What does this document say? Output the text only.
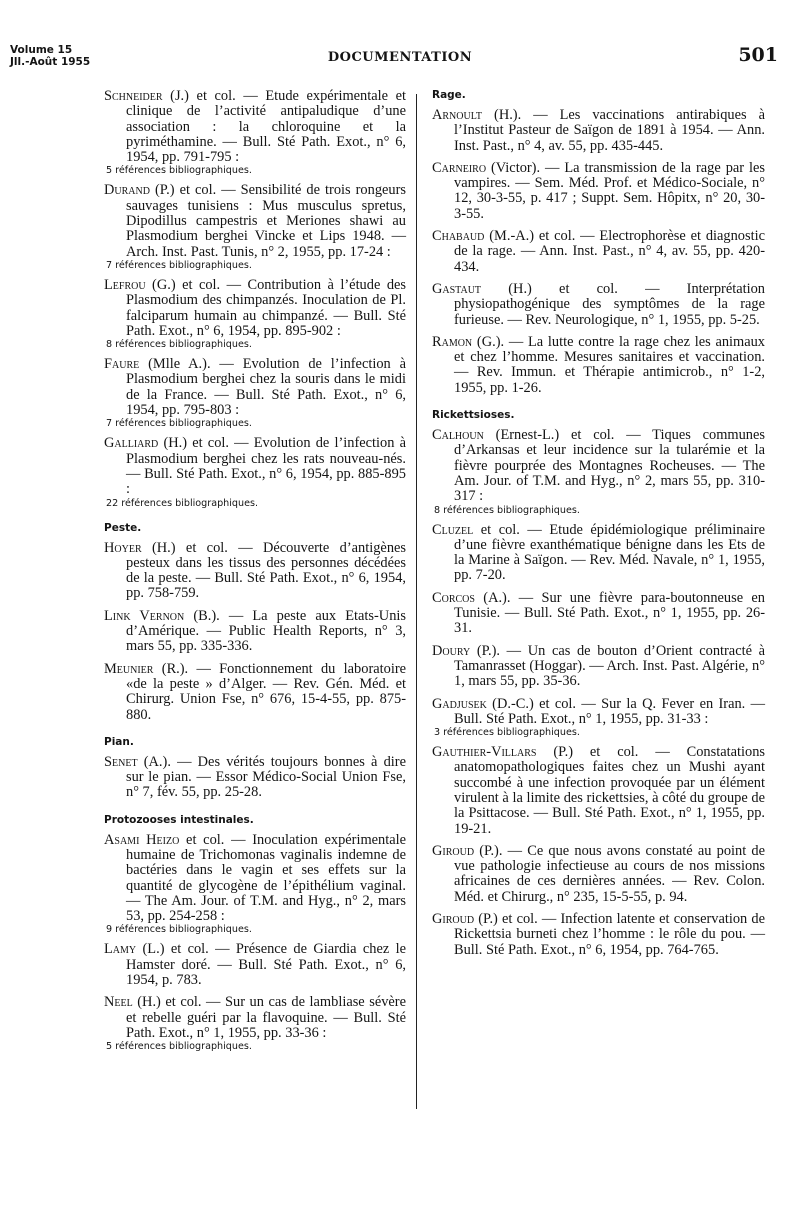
Volume 15
Jll.-Août 1955	DOCUMENTATION	501

Schneider (J.) et col. — Etude expérimentale et clinique de l’activité antipaludique d’une association : la chloroquine et la pyriméthamine. — Bull. Sté Path. Exot., n° 6, 1954, pp. 791-795 :

5 références bibliographiques.

Durand (P.) et col. — Sensibilité de trois rongeurs sauvages tunisiens : Mus musculus spretus, Dipodillus campestris et Meriones shawi au Plasmodium berghei Vincke et Lips 1948. — Arch. Inst. Past. Tunis, n° 2, 1955, pp. 17-24 :

7 références bibliographiques.

Lefrou (G.) et col. — Contribution à l’étude des Plasmodium des chimpanzés. Inoculation de Pl. falciparum humain au chimpanzé. — Bull. Sté Path. Exot., n° 6, 1954, pp. 895-902 :

8 références bibliographiques.

Faure (Mlle A.). — Evolution de l’infection à Plasmodium berghei chez la souris dans le midi de la France. — Bull. Sté Path. Exot., n° 6, 1954, pp. 795-803 :

7 références bibliographiques.

Galliard (H.) et col. — Evolution de l’infection à Plasmodium berghei chez les rats nouveau-nés. — Bull. Sté Path. Exot., n° 6, 1954, pp. 885-895 :

22 références bibliographiques.
Peste.

Hoyer (H.) et col. — Découverte d’antigènes pesteux dans les tissus des personnes décédées de la peste. — Bull. Sté Path. Exot., n° 6, 1954, pp. 758-759.

Link Vernon (B.). — La peste aux Etats-Unis d’Amérique. — Public Health Reports, n° 3, mars 55, pp. 335-336.

Meunier (R.). — Fonctionnement du laboratoire «de la peste » d’Alger. — Rev. Gén. Méd. et Chirurg. Union Fse, n° 676, 15-4-55, pp. 875-880.

Pian.

Senet (A.). — Des vérités toujours bonnes à dire sur le pian. — Essor Médico-Social Union Fse, n° 7, fév. 55, pp. 25-28.

Protozooses intestinales.

Asami Heizo et col. — Inoculation expérimentale humaine de Trichomonas vaginalis indemne de bactéries dans le vagin et ses effets sur la quantité de glycogène de l’épithélium vaginal. — The Am. Jour. of T.M. and Hyg., n° 2, mars 53, pp. 254-258 :

9 références bibliographiques.

Lamy (L.) et col. — Présence de Giardia chez le Hamster doré. — Bull. Sté Path. Exot., n° 6, 1954, p. 783.

Neel (H.) et col. — Sur un cas de lambliase sévère et rebelle guéri par la flavoquine. — Bull. Sté Path. Exot., n° 1, 1955, pp. 33-36 :

5 références bibliographiques.
Rage.

Arnoult (H.). — Les vaccinations antirabiques à l’Institut Pasteur de Saïgon de 1891 à 1954. — Ann. Inst. Past., n° 4, av. 55, pp. 435-445.

Carneiro (Victor). — La transmission de la rage par les vampires. — Sem. Méd. Prof. et Médico-Sociale, n° 12, 30-3-55, p. 417 ; Suppt. Sem. Hôpitx, n° 20, 30-3-55.

Chabaud (M.-A.) et col. — Electrophorèse et diagnostic de la rage. — Ann. Inst. Past., n° 4, av. 55, pp. 420-434.

Gastaut (H.) et col. — Interprétation physiopathogénique des symptômes de la rage furieuse. — Rev. Neurologique, n° 1, 1955, pp. 5-25.

Ramon (G.). — La lutte contre la rage chez les animaux et chez l’homme. Mesures sanitaires et vaccination. — Rev. Immun. et Thérapie antimicrob., n° 1-2, 1955, pp. 1-26.

Rickettsioses.

Calhoun (Ernest-L.) et col. — Tiques communes d’Arkansas et leur incidence sur la tularémie et la fièvre pourprée des Montagnes Rocheuses. — The Am. Jour. of T.M. and Hyg., n° 2, mars 55, pp. 310-317 :

8 références bibliographiques.

Cluzel et col. — Etude épidémiologique préliminaire d’une fièvre exanthématique bénigne dans les Ets de la Marine à Saïgon. — Rev. Méd. Navale, n° 1, 1955, pp. 7-20.

Corcos (A.). — Sur une fièvre para-boutonneuse en Tunisie. — Bull. Sté Path. Exot., n° 1, 1955, pp. 26-31.

Doury (P.). — Un cas de bouton d’Orient contracté à Tamanrasset (Hoggar). — Arch. Inst. Past. Algérie, n° 1, mars 55, pp. 35-36.

Gadjusek (D.-C.) et col. — Sur la Q. Fever en Iran. — Bull. Sté Path. Exot., n° 1, 1955, pp. 31-33 :

3 références bibliographiques.

Gauthier-Villars (P.) et col. — Constatations anatomopathologiques faites chez un Mushi ayant succombé à une infection provoquée par un élément virulent à la limite des rickettsies, à côté du groupe de la Psittacose. — Bull. Sté Path. Exot., n° 1, 1955, pp. 19-21.

Giroud (P.). — Ce que nous avons constaté au point de vue pathologie infectieuse au cours de nos missions africaines de ces dernières années. — Rev. Colon. Méd. et Chirurg., n° 235, 15-5-55, p. 94.

Giroud (P.) et col. — Infection latente et conservation de Rickettsia burneti chez l’homme : le rôle du pou. — Bull. Sté Path. Exot., n° 6, 1954, pp. 764-765.
